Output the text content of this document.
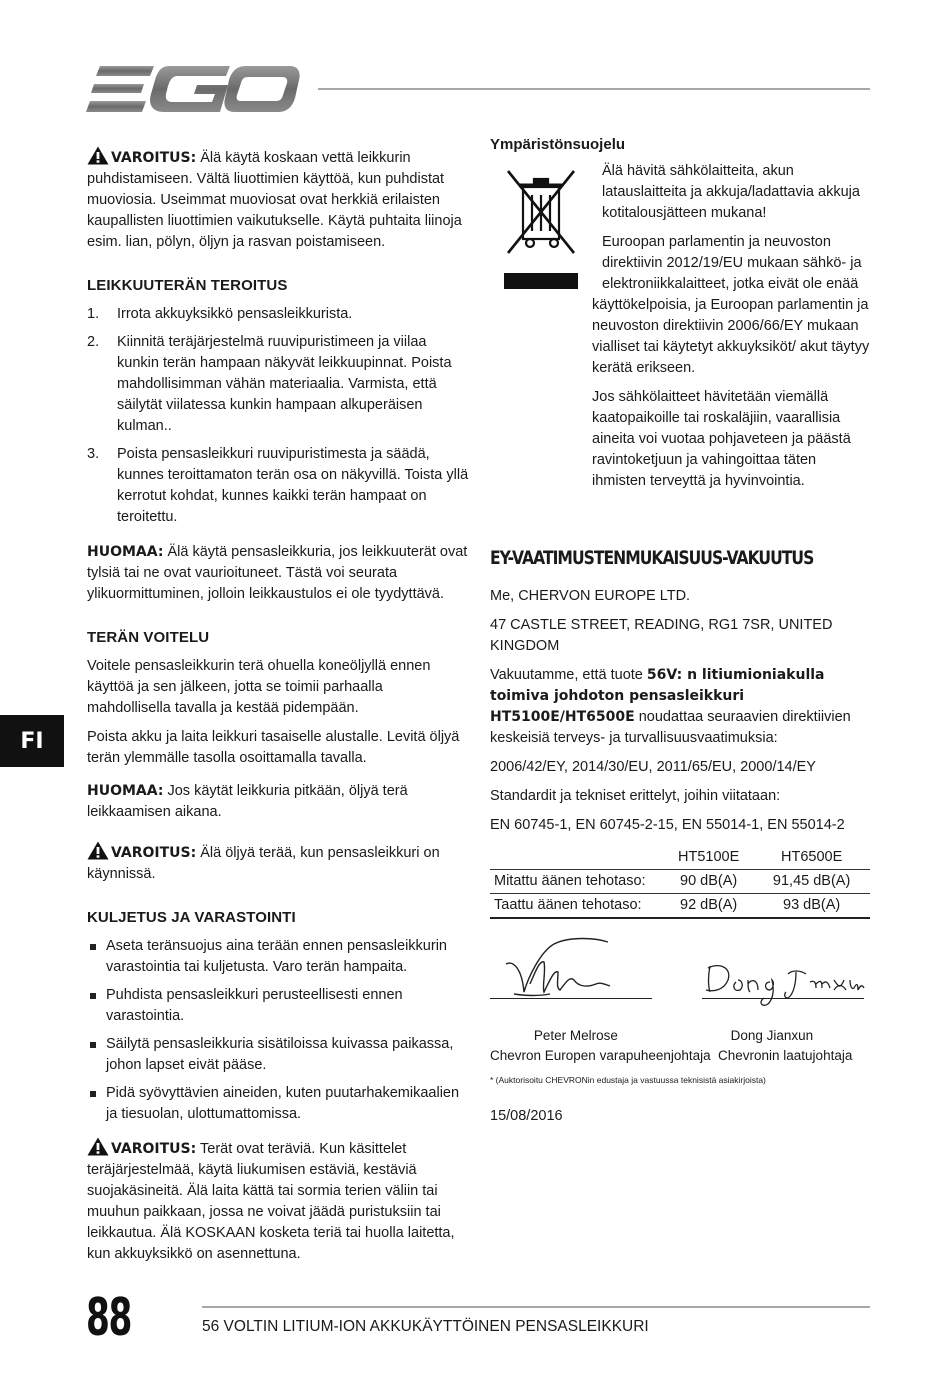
FI

VAROITUS: Älä käytä koskaan vettä leikkurin puhdistamiseen. Vältä liuottimien käyttöä, kun puhdistat muoviosia. Useimmat muoviosat ovat herkkiä erilaisten kaupallisten liuottimien vaikutukselle. Käytä puhtaita liinoja esim. lian, pölyn, öljyn ja rasvan poistamiseen.

LEIKKUUTERÄN TEROITUS
1. Irrota akkuyksikkö pensasleikkurista.
2. Kiinnitä teräjärjestelmä ruuvipuristimeen ja viilaa kunkin terän hampaan näkyvät leikkuupinnat. Poista mahdollisimman vähän materiaalia. Varmista, että säilytät viilatessa kunkin hampaan alkuperäisen kulman..
3. Poista pensasleikkuri ruuvipuristimesta ja säädä, kunnes teroittamaton terän osa on näkyvillä. Toista yllä kerrotut kohdat, kunnes kaikki terän hampaat on teroitettu.

HUOMAA: Älä käytä pensasleikkuria, jos leikkuuterät ovat tylsiä tai ne ovat vaurioituneet. Tästä voi seurata ylikuormittuminen, jolloin leikkaustulos ei ole tyydyttävä.

TERÄN VOITELU

Voitele pensasleikkurin terä ohuella koneöljyllä ennen käyttöä ja sen jälkeen, jotta se toimii parhaalla mahdollisella tavalla ja kestää pidempään.

Poista akku ja laita leikkuri tasaiselle alustalle. Levitä öljyä terän ylemmälle tasolla osoittamalla tavalla.

HUOMAA: Jos käytät leikkuria pitkään, öljyä terä leikkaamisen aikana.

VAROITUS: Älä öljyä terää, kun pensasleikkuri on käynnissä.

KULJETUS JA VARASTOINTI
Aseta teränsuojus aina terään ennen pensasleikkurin varastointia tai kuljetusta. Varo terän hampaita.
Puhdista pensasleikkuri perusteellisesti ennen varastointia.
Säilytä pensasleikkuria sisätiloissa kuivassa paikassa, johon lapset eivät pääse.
Pidä syövyttävien aineiden, kuten puutarhakemikaalien ja tiesuolan, ulottumattomissa.

VAROITUS: Terät ovat teräviä. Kun käsittelet teräjärjestelmää, käytä liukumisen estäviä, kestäviä suojakäsineitä. Älä laita kättä tai sormia terien väliin tai muuhun paikkaan, jossa ne voivat jäädä puristuksiin tai leikkautua. Älä KOSKAAN kosketa teriä tai huolla laitetta, kun akkuyksikkö on asennettuna.

Ympäristönsuojelu

Älä hävitä sähkölaitteita, akun latauslaitteita ja akkuja/ladattavia akkuja kotitalousjätteen mukana!

Euroopan parlamentin ja neuvoston direktiivin 2012/19/EU mukaan sähkö- ja elektroniikkalaitteet, jotka eivät ole enää käyttökelpoisia, ja Euroopan parlamentin ja neuvoston direktiivin 2006/66/EY mukaan vialliset tai käytetyt akkuyksiköt/ akut täytyy kerätä erikseen.

Jos sähkölaitteet hävitetään viemällä kaatopaikoille tai roskaläjiin, vaarallisia aineita voi vuotaa pohjaveteen ja päästä ravintoketjuun ja vahingoittaa täten ihmisten terveyttä ja hyvinvointia.

EY-VAATIMUSTENMUKAISUUS-VAKUUTUS

Me, CHERVON EUROPE LTD.

47 CASTLE STREET, READING, RG1 7SR, UNITED KINGDOM

Vakuutamme, että tuote 56V: n litiumioniakulla toimiva johdoton pensasleikkuri HT5100E/HT6500E noudattaa seuraavien direktiivien keskeisiä terveys- ja turvallisuusvaatimuksia:

2006/42/EY, 2014/30/EU, 2011/65/EU, 2000/14/EY

Standardit ja tekniset erittelyt, joihin viitataan:

EN 60745-1, EN 60745-2-15, EN 55014-1, EN 55014-2

	HT5100E	HT6500E
Mitattu äänen tehotaso:	90 dB(A)	91,45 dB(A)
Taattu äänen tehotaso:	92 dB(A)	93 dB(A)
Peter Melrose	Dong Jianxun
Chevron Europen varapuheenjohtaja Chevronin laatujohtaja
* (Auktorisoitu CHEVRONin edustaja ja vastuussa teknisistä asiakirjoista)
15/08/2016
88	56 VOLTIN LITIUM-ION AKKUKÄYTTÖINEN PENSASLEIKKURI
